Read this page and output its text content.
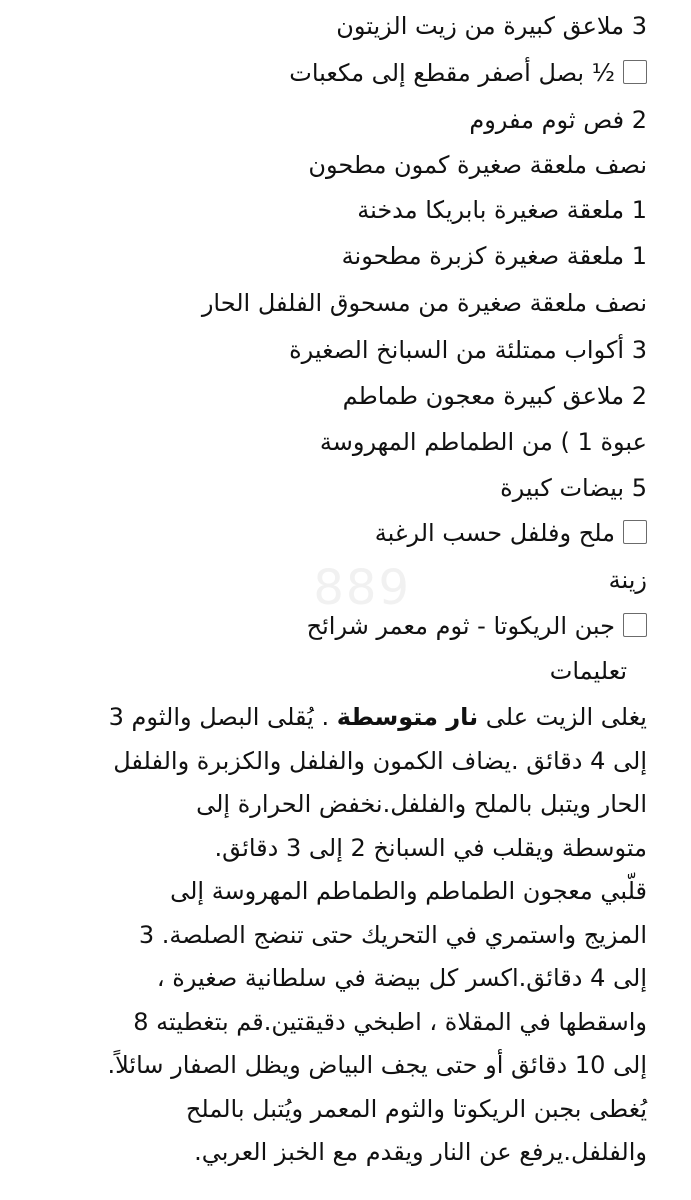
889
3 ملاعق كبيرة من زيت الزيتون
½ بصل أصفر مقطع إلى مكعبات
2 فص ثوم مفروم
نصف ملعقة صغيرة كمون مطحون
1 ملعقة صغيرة بابريكا مدخنة
1 ملعقة صغيرة كزبرة مطحونة
نصف ملعقة صغيرة من مسحوق الفلفل الحار
3 أكواب ممتلئة من السبانخ الصغيرة
2 ملاعق كبيرة معجون طماطم
عبوة 1 ) من الطماطم المهروسة
5 بيضات كبيرة
ملح وفلفل حسب الرغبة
زينة
جبن الريكوتا - ثوم معمر شرائح
تعليمات
يغلى الزيت على نار متوسطة . يُقلى البصل والثوم 3
إلى 4 دقائق .يضاف الكمون والفلفل والكزبرة والفلفل
الحار ويتبل بالملح والفلفل.نخفض الحرارة إلى
متوسطة ويقلب في السبانخ 2 إلى 3 دقائق.
قلّبي معجون الطماطم والطماطم المهروسة إلى
المزيج واستمري في التحريك حتى تنضج الصلصة. 3
إلى 4 دقائق.اكسر كل بيضة في سلطانية صغيرة ،
واسقطها في المقلاة ، اطبخي دقيقتين.قم بتغطيته 8
إلى 10 دقائق أو حتى يجف البياض ويظل الصفار سائلاً.
يُغطى بجبن الريكوتا والثوم المعمر ويُتبل بالملح
والفلفل.يرفع عن النار ويقدم مع الخبز العربي.
